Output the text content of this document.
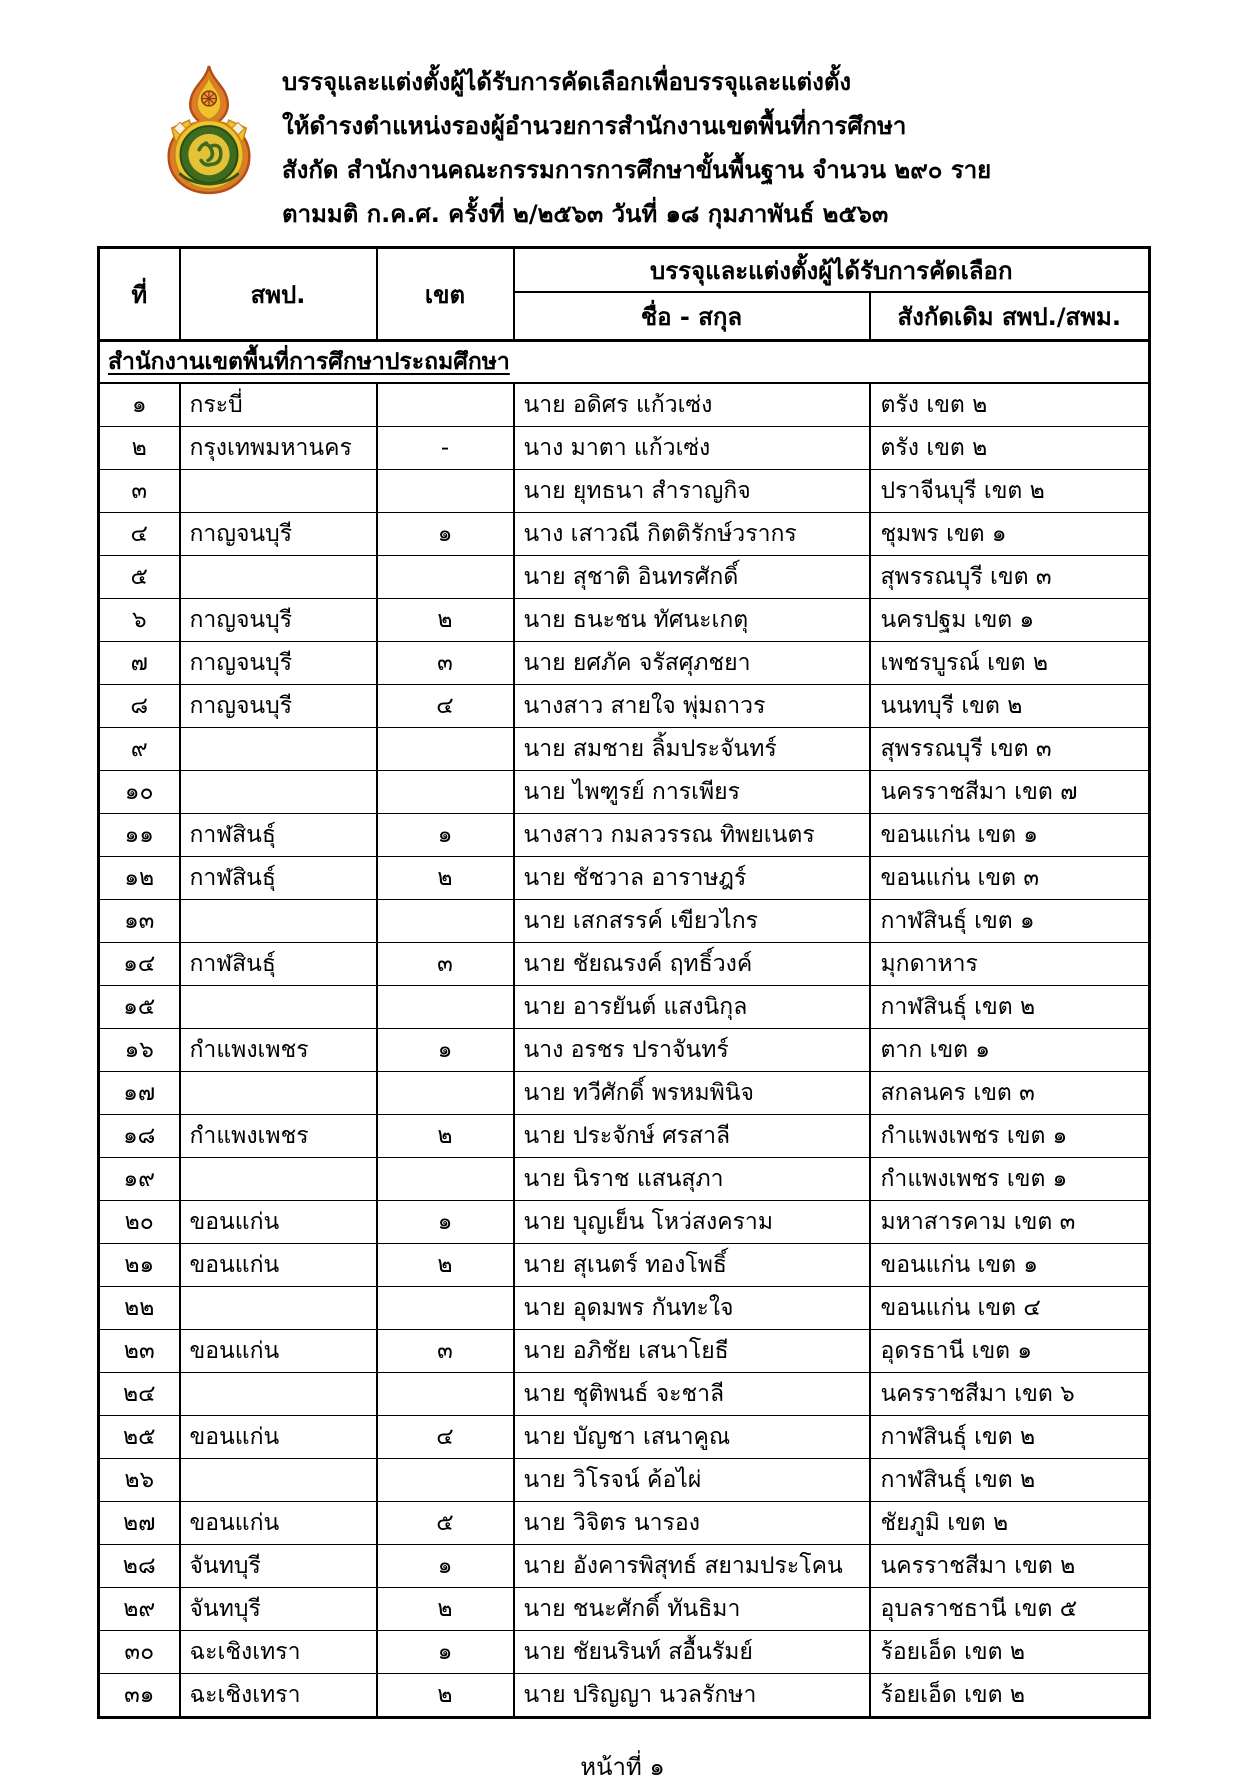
บรรจุและแต่งตั้งผู้ได้รับการคัดเลือกเพื่อบรรจุและแต่งตั้ง
ให้ดำรงตำแหน่งรองผู้อำนวยการสำนักงานเขตพื้นที่การศึกษา
สังกัด สำนักงานคณะกรรมการการศึกษาขั้นพื้นฐาน จำนวน ๒๙๐ ราย
ตามมติ ก.ค.ศ. ครั้งที่ ๒/๒๕๖๓ วันที่ ๑๘ กุมภาพันธ์ ๒๕๖๓
ที่	สพป.	เขต	บรรจุและแต่งตั้งผู้ได้รับการคัดเลือก	
			ชื่อ - สกุล	สังกัดเดิม สพป./สพม.
สำนักงานเขตพื้นที่การศึกษาประถมศึกษา				
๑	กระบี่		นาย อดิศร แก้วเซ่ง	ตรัง เขต ๒
๒	กรุงเทพมหานคร	-	นาง มาตา แก้วเซ่ง	ตรัง เขต ๒
๓			นาย ยุทธนา สำราญกิจ	ปราจีนบุรี เขต ๒
๔	กาญจนบุรี	๑	นาง เสาวณี กิตติรักษ์วรากร	ชุมพร เขต ๑
๕			นาย สุชาติ อินทรศักดิ์	สุพรรณบุรี เขต ๓
๖	กาญจนบุรี	๒	นาย ธนะชน ทัศนะเกตุ	นครปฐม เขต ๑
๗	กาญจนบุรี	๓	นาย ยศภัค จรัสศุภชยา	เพชรบูรณ์ เขต ๒
๘	กาญจนบุรี	๔	นางสาว สายใจ พุ่มถาวร	นนทบุรี เขต ๒
๙			นาย สมชาย ลิ้มประจันทร์	สุพรรณบุรี เขต ๓
๑๐			นาย ไพฑูรย์ การเพียร	นครราชสีมา เขต ๗
๑๑	กาฬสินธุ์	๑	นางสาว กมลวรรณ ทิพยเนตร	ขอนแก่น เขต ๑
๑๒	กาฬสินธุ์	๒	นาย ชัชวาล อาราษฎร์	ขอนแก่น เขต ๓
๑๓			นาย เสกสรรค์ เขียวไกร	กาฬสินธุ์ เขต ๑
๑๔	กาฬสินธุ์	๓	นาย ชัยณรงค์ ฤทธิ์วงค์	มุกดาหาร
๑๕			นาย อารยันต์ แสงนิกุล	กาฬสินธุ์ เขต ๒
๑๖	กำแพงเพชร	๑	นาง อรชร ปราจันทร์	ตาก เขต ๑
๑๗			นาย ทวีศักดิ์ พรหมพินิจ	สกลนคร เขต ๓
๑๘	กำแพงเพชร	๒	นาย ประจักษ์ ศรสาลี	กำแพงเพชร เขต ๑
๑๙			นาย นิราช แสนสุภา	กำแพงเพชร เขต ๑
๒๐	ขอนแก่น	๑	นาย บุญเย็น โหว่สงคราม	มหาสารคาม เขต ๓
๒๑	ขอนแก่น	๒	นาย สุเนตร์ ทองโพธิ์	ขอนแก่น เขต ๑
๒๒			นาย อุดมพร กันทะใจ	ขอนแก่น เขต ๔
๒๓	ขอนแก่น	๓	นาย อภิชัย เสนาโยธี	อุดรธานี เขต ๑
๒๔			นาย ชุติพนธ์ จะชาลี	นครราชสีมา เขต ๖
๒๕	ขอนแก่น	๔	นาย บัญชา เสนาคูณ	กาฬสินธุ์ เขต ๒
๒๖			นาย วิโรจน์ ค้อไผ่	กาฬสินธุ์ เขต ๒
๒๗	ขอนแก่น	๕	นาย วิจิตร นารอง	ชัยภูมิ เขต ๒
๒๘	จันทบุรี	๑	นาย อังคารพิสุทธ์ สยามประโคน	นครราชสีมา เขต ๒
๒๙	จันทบุรี	๒	นาย ชนะศักดิ์ ทันธิมา	อุบลราชธานี เขต ๕
๓๐	ฉะเชิงเทรา	๑	นาย ชัยนรินท์ สอื้นรัมย์	ร้อยเอ็ด เขต ๒
๓๑	ฉะเชิงเทรา	๒	นาย ปริญญา นวลรักษา	ร้อยเอ็ด เขต ๒
หน้าที่ ๑
